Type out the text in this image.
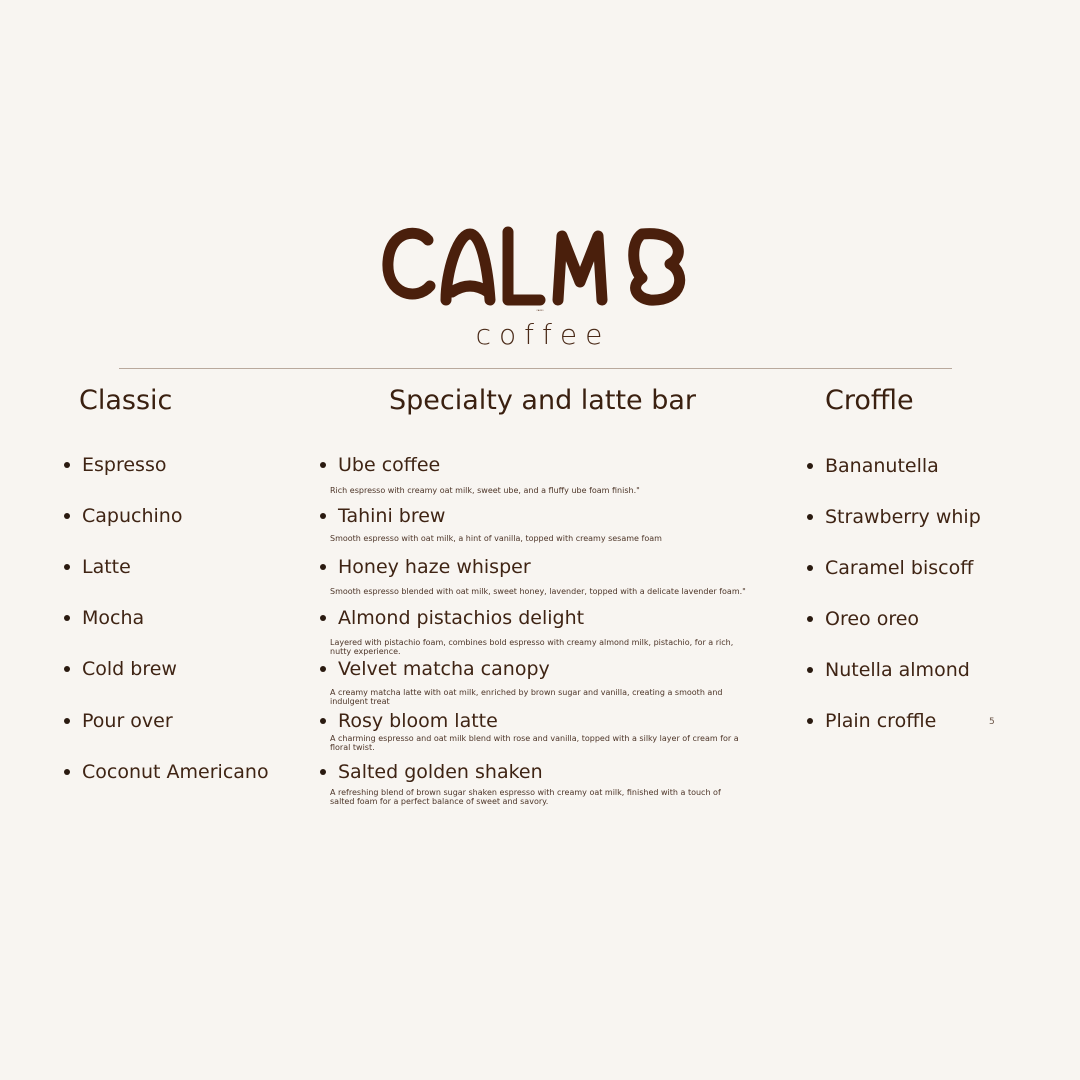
CALMO
coffee
Classic	Specialty and latte bar	Croffle
Espresso
Capuchino
Latte
Mocha
Cold brew
Pour over
Coconut Americano
Ube coffee
Rich espresso with creamy oat milk, sweet ube, and a fluffy ube foam finish."
Tahini brew
Smooth espresso with oat milk, a hint of vanilla, topped with creamy sesame foam
Honey haze whisper
Smooth espresso blended with oat milk, sweet honey, lavender, topped with a delicate lavender foam."
Almond pistachios delight
Layered with pistachio foam, combines bold espresso with creamy almond milk, pistachio, for a rich, nutty experience.
Velvet matcha canopy
A creamy matcha latte with oat milk, enriched by brown sugar and vanilla, creating a smooth and indulgent treat
Rosy bloom latte
A charming espresso and oat milk blend with rose and vanilla, topped with a silky layer of cream for a floral twist.
Salted golden shaken
A refreshing blend of brown sugar shaken espresso with creamy oat milk, finished with a touch of salted foam for a perfect balance of sweet and savory.
Bananutella
Strawberry whip
Caramel biscoff
Oreo oreo
Nutella almond
Plain croffle	5
